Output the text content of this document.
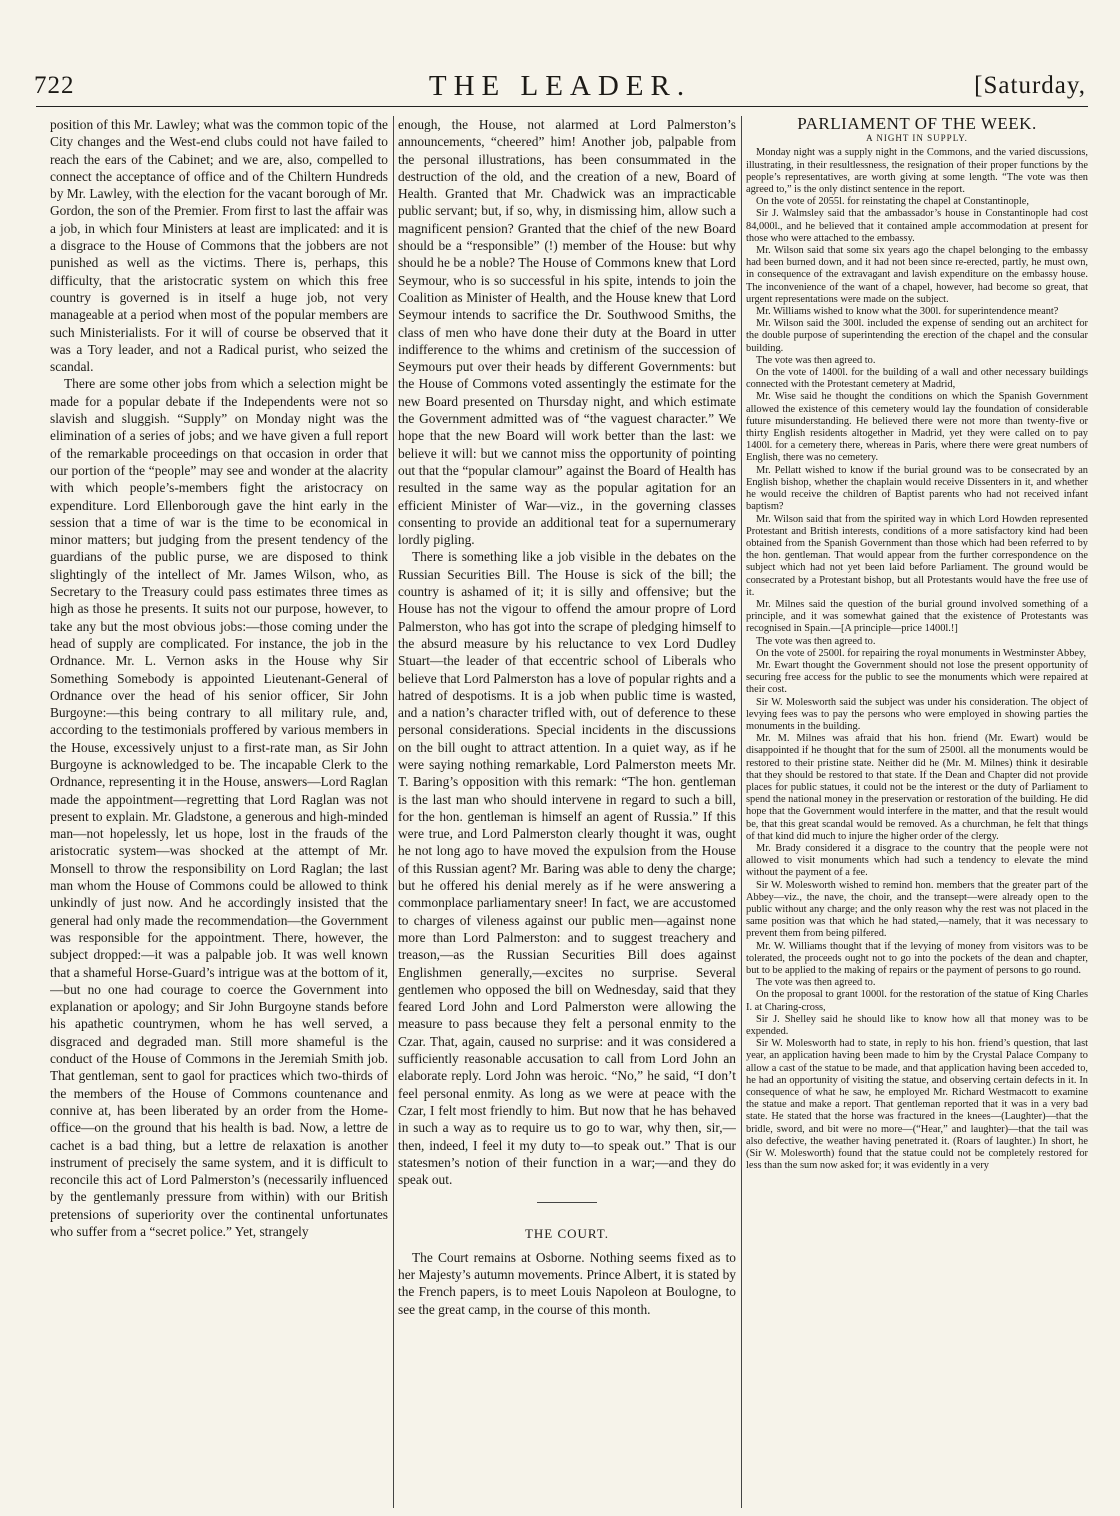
722	THE LEADER.	[Saturday,

position of this Mr. Lawley; what was the common topic of the City changes and the West-end clubs could not have failed to reach the ears of the Cabinet; and we are, also, compelled to connect the acceptance of office and of the Chiltern Hundreds by Mr. Lawley, with the election for the vacant borough of Mr. Gordon, the son of the Premier. From first to last the affair was a job, in which four Ministers at least are implicated: and it is a disgrace to the House of Commons that the jobbers are not punished as well as the victims. There is, perhaps, this difficulty, that the aristocratic system on which this free country is governed is in itself a huge job, not very manageable at a period when most of the popular members are such Ministerialists. For it will of course be observed that it was a Tory leader, and not a Radical purist, who seized the scandal.

There are some other jobs from which a selection might be made for a popular debate if the Independents were not so slavish and sluggish. “Supply” on Monday night was the elimination of a series of jobs; and we have given a full report of the remarkable proceedings on that occasion in order that our portion of the “people” may see and wonder at the alacrity with which people’s-members fight the aristocracy on expenditure. Lord Ellenborough gave the hint early in the session that a time of war is the time to be economical in minor matters; but judging from the present tendency of the guardians of the public purse, we are disposed to think slightingly of the intellect of Mr. James Wilson, who, as Secretary to the Treasury could pass estimates three times as high as those he presents. It suits not our purpose, however, to take any but the most obvious jobs:—those coming under the head of supply are complicated. For instance, the job in the Ordnance. Mr. L. Vernon asks in the House why Sir Something Somebody is appointed Lieutenant-General of Ordnance over the head of his senior officer, Sir John Burgoyne:—this being contrary to all military rule, and, according to the testimonials proffered by various members in the House, excessively unjust to a first-rate man, as Sir John Burgoyne is acknowledged to be. The incapable Clerk to the Ordnance, representing it in the House, answers—Lord Raglan made the appointment—regretting that Lord Raglan was not present to explain. Mr. Gladstone, a generous and high-minded man—not hopelessly, let us hope, lost in the frauds of the aristocratic system—was shocked at the attempt of Mr. Monsell to throw the responsibility on Lord Raglan; the last man whom the House of Commons could be allowed to think unkindly of just now. And he accordingly insisted that the general had only made the recommendation—the Government was responsible for the appointment. There, however, the subject dropped:—it was a palpable job. It was well known that a shameful Horse-Guard’s intrigue was at the bottom of it,—but no one had courage to coerce the Government into explanation or apology; and Sir John Burgoyne stands before his apathetic countrymen, whom he has well served, a disgraced and degraded man. Still more shameful is the conduct of the House of Commons in the Jeremiah Smith job. That gentleman, sent to gaol for practices which two-thirds of the members of the House of Commons countenance and connive at, has been liberated by an order from the Home-office—on the ground that his health is bad. Now, a lettre de cachet is a bad thing, but a lettre de relaxation is another instrument of precisely the same system, and it is difficult to reconcile this act of Lord Palmerston’s (necessarily influenced by the gentlemanly pressure from within) with our British pretensions of superiority over the continental unfortunates who suffer from a “secret police.” Yet, strangely

enough, the House, not alarmed at Lord Palmerston’s announcements, “cheered” him! Another job, palpable from the personal illustrations, has been consummated in the destruction of the old, and the creation of a new, Board of Health. Granted that Mr. Chadwick was an impracticable public servant; but, if so, why, in dismissing him, allow such a magnificent pension? Granted that the chief of the new Board should be a “responsible” (!) member of the House: but why should he be a noble? The House of Commons knew that Lord Seymour, who is so successful in his spite, intends to join the Coalition as Minister of Health, and the House knew that Lord Seymour intends to sacrifice the Dr. Southwood Smiths, the class of men who have done their duty at the Board in utter indifference to the whims and cretinism of the succession of Seymours put over their heads by different Governments: but the House of Commons voted assentingly the estimate for the new Board presented on Thursday night, and which estimate the Government admitted was of “the vaguest character.” We hope that the new Board will work better than the last: we believe it will: but we cannot miss the opportunity of pointing out that the “popular clamour” against the Board of Health has resulted in the same way as the popular agitation for an efficient Minister of War—viz., in the governing classes consenting to provide an additional teat for a supernumerary lordly pigling.

There is something like a job visible in the debates on the Russian Securities Bill. The House is sick of the bill; the country is ashamed of it; it is silly and offensive; but the House has not the vigour to offend the amour propre of Lord Palmerston, who has got into the scrape of pledging himself to the absurd measure by his reluctance to vex Lord Dudley Stuart—the leader of that eccentric school of Liberals who believe that Lord Palmerston has a love of popular rights and a hatred of despotisms. It is a job when public time is wasted, and a nation’s character trifled with, out of deference to these personal considerations. Special incidents in the discussions on the bill ought to attract attention. In a quiet way, as if he were saying nothing remarkable, Lord Palmerston meets Mr. T. Baring’s opposition with this remark: “The hon. gentleman is the last man who should intervene in regard to such a bill, for the hon. gentleman is himself an agent of Russia.” If this were true, and Lord Palmerston clearly thought it was, ought he not long ago to have moved the expulsion from the House of this Russian agent? Mr. Baring was able to deny the charge; but he offered his denial merely as if he were answering a commonplace parliamentary sneer! In fact, we are accustomed to charges of vileness against our public men—against none more than Lord Palmerston: and to suggest treachery and treason,—as the Russian Securities Bill does against Englishmen generally,—excites no surprise. Several gentlemen who opposed the bill on Wednesday, said that they feared Lord John and Lord Palmerston were allowing the measure to pass because they felt a personal enmity to the Czar. That, again, caused no surprise: and it was considered a sufficiently reasonable accusation to call from Lord John an elaborate reply. Lord John was heroic. “No,” he said, “I don’t feel personal enmity. As long as we were at peace with the Czar, I felt most friendly to him. But now that he has behaved in such a way as to require us to go to war, why then, sir,—then, indeed, I feel it my duty to—to speak out.” That is our statesmen’s notion of their function in a war;—and they do speak out.

THE COURT.

The Court remains at Osborne. Nothing seems fixed as to her Majesty’s autumn movements. Prince Albert, it is stated by the French papers, is to meet Louis Napoleon at Boulogne, to see the great camp, in the course of this month.

PARLIAMENT OF THE WEEK.
A NIGHT IN SUPPLY.

Monday night was a supply night in the Commons, and the varied discussions, illustrating, in their resultlessness, the resignation of their proper functions by the people’s representatives, are worth giving at some length. “The vote was then agreed to,” is the only distinct sentence in the report.

On the vote of 2055l. for reinstating the chapel at Constantinople,

Sir J. Walmsley said that the ambassador’s house in Constantinople had cost 84,000l., and he believed that it contained ample accommodation at present for those who were attached to the embassy.

Mr. Wilson said that some six years ago the chapel belonging to the embassy had been burned down, and it had not been since re-erected, partly, he must own, in consequence of the extravagant and lavish expenditure on the embassy house. The inconvenience of the want of a chapel, however, had become so great, that urgent representations were made on the subject.

Mr. Williams wished to know what the 300l. for superintendence meant?

Mr. Wilson said the 300l. included the expense of sending out an architect for the double purpose of superintending the erection of the chapel and the consular building.

The vote was then agreed to.

On the vote of 1400l. for the building of a wall and other necessary buildings connected with the Protestant cemetery at Madrid,

Mr. Wise said he thought the conditions on which the Spanish Government allowed the existence of this cemetery would lay the foundation of considerable future misunderstanding. He believed there were not more than twenty-five or thirty English residents altogether in Madrid, yet they were called on to pay 1400l. for a cemetery there, whereas in Paris, where there were great numbers of English, there was no cemetery.

Mr. Pellatt wished to know if the burial ground was to be consecrated by an English bishop, whether the chaplain would receive Dissenters in it, and whether he would receive the children of Baptist parents who had not received infant baptism?

Mr. Wilson said that from the spirited way in which Lord Howden represented Protestant and British interests, conditions of a more satisfactory kind had been obtained from the Spanish Government than those which had been referred to by the hon. gentleman. That would appear from the further correspondence on the subject which had not yet been laid before Parliament. The ground would be consecrated by a Protestant bishop, but all Protestants would have the free use of it.

Mr. Milnes said the question of the burial ground involved something of a principle, and it was somewhat gained that the existence of Protestants was recognised in Spain.—[A principle—price 1400l.!]

The vote was then agreed to.

On the vote of 2500l. for repairing the royal monuments in Westminster Abbey,

Mr. Ewart thought the Government should not lose the present opportunity of securing free access for the public to see the monuments which were repaired at their cost.

Sir W. Molesworth said the subject was under his consideration. The object of levying fees was to pay the persons who were employed in showing parties the monuments in the building.

Mr. M. Milnes was afraid that his hon. friend (Mr. Ewart) would be disappointed if he thought that for the sum of 2500l. all the monuments would be restored to their pristine state. Neither did he (Mr. M. Milnes) think it desirable that they should be restored to that state. If the Dean and Chapter did not provide places for public statues, it could not be the interest or the duty of Parliament to spend the national money in the preservation or restoration of the building. He did hope that the Government would interfere in the matter, and that the result would be, that this great scandal would be removed. As a churchman, he felt that things of that kind did much to injure the higher order of the clergy.

Mr. Brady considered it a disgrace to the country that the people were not allowed to visit monuments which had such a tendency to elevate the mind without the payment of a fee.

Sir W. Molesworth wished to remind hon. members that the greater part of the Abbey—viz., the nave, the choir, and the transept—were already open to the public without any charge; and the only reason why the rest was not placed in the same position was that which he had stated,—namely, that it was necessary to prevent them from being pilfered.

Mr. W. Williams thought that if the levying of money from visitors was to be tolerated, the proceeds ought not to go into the pockets of the dean and chapter, but to be applied to the making of repairs or the payment of persons to go round.

The vote was then agreed to.

On the proposal to grant 1000l. for the restoration of the statue of King Charles I. at Charing-cross,

Sir J. Shelley said he should like to know how all that money was to be expended.

Sir W. Molesworth had to state, in reply to his hon. friend’s question, that last year, an application having been made to him by the Crystal Palace Company to allow a cast of the statue to be made, and that application having been acceded to, he had an opportunity of visiting the statue, and observing certain defects in it. In consequence of what he saw, he employed Mr. Richard Westmacott to examine the statue and make a report. That gentleman reported that it was in a very bad state. He stated that the horse was fractured in the knees—(Laughter)—that the bridle, sword, and bit were no more—(“Hear,” and laughter)—that the tail was also defective, the weather having penetrated it. (Roars of laughter.) In short, he (Sir W. Molesworth) found that the statue could not be completely restored for less than the sum now asked for; it was evidently in a very
